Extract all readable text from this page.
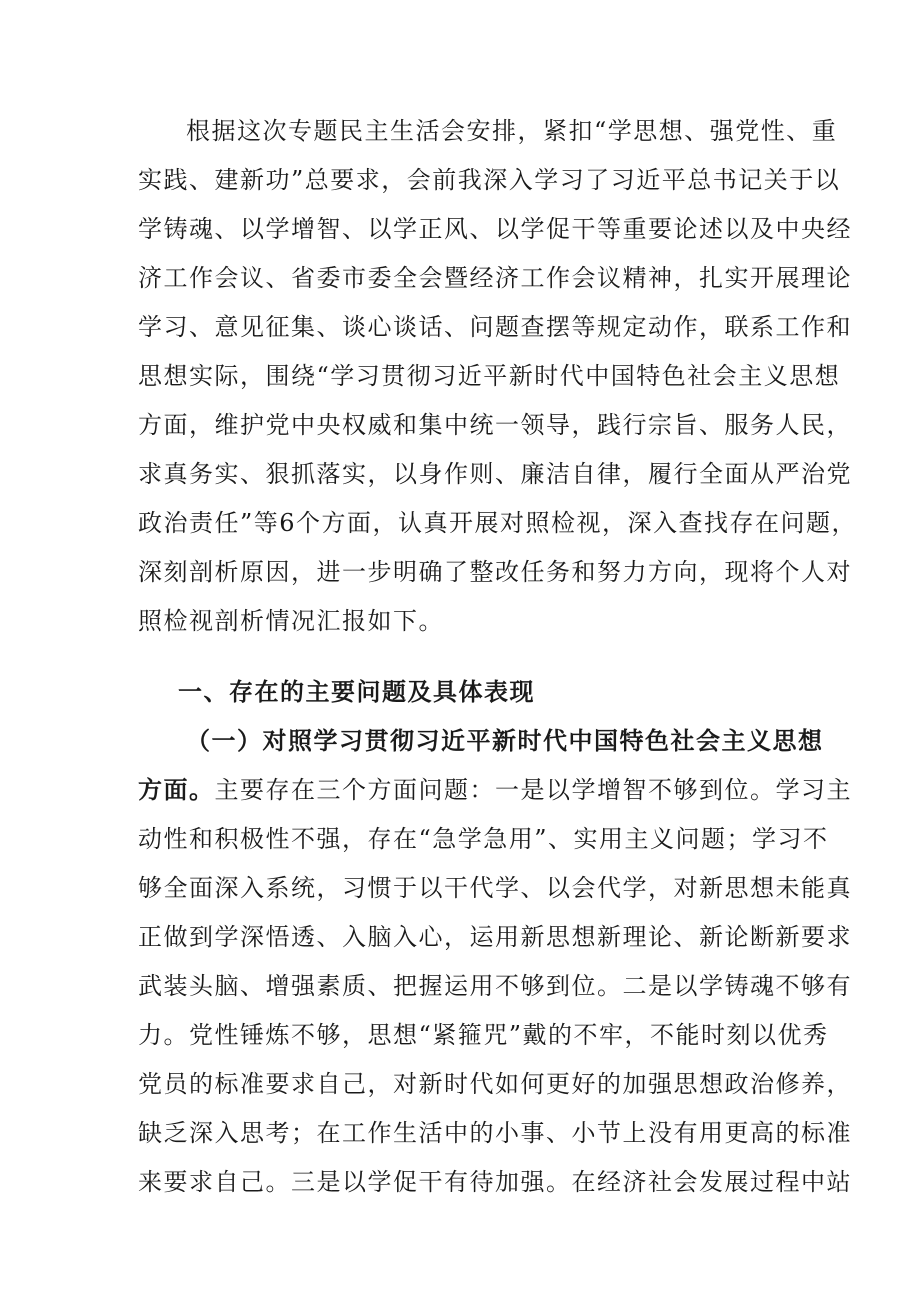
根据这次专题民主生活会安排，紧扣“学思想、强党性、重
实践、建新功”总要求，会前我深入学习了习近平总书记关于以
学铸魂、以学增智、以学正风、以学促干等重要论述以及中央经
济工作会议、省委市委全会暨经济工作会议精神，扎实开展理论
学习、意见征集、谈心谈话、问题查摆等规定动作，联系工作和
思想实际，围绕“学习贯彻习近平新时代中国特色社会主义思想
方面，维护党中央权威和集中统一领导，践行宗旨、服务人民，
求真务实、狠抓落实，以身作则、廉洁自律，履行全面从严治党
政治责任”等6个方面，认真开展对照检视，深入查找存在问题，
深刻剖析原因，进一步明确了整改任务和努力方向，现将个人对
照检视剖析情况汇报如下。
一、存在的主要问题及具体表现
（一）对照学习贯彻习近平新时代中国特色社会主义思想
方面。主要存在三个方面问题：一是以学增智不够到位。学习主
动性和积极性不强，存在“急学急用”、实用主义问题；学习不
够全面深入系统，习惯于以干代学、以会代学，对新思想未能真
正做到学深悟透、入脑入心，运用新思想新理论、新论断新要求
武装头脑、增强素质、把握运用不够到位。二是以学铸魂不够有
力。党性锤炼不够，思想“紧箍咒”戴的不牢，不能时刻以优秀
党员的标准要求自己，对新时代如何更好的加强思想政治修养，
缺乏深入思考；在工作生活中的小事、小节上没有用更高的标准
来要求自己。三是以学促干有待加强。在经济社会发展过程中站
